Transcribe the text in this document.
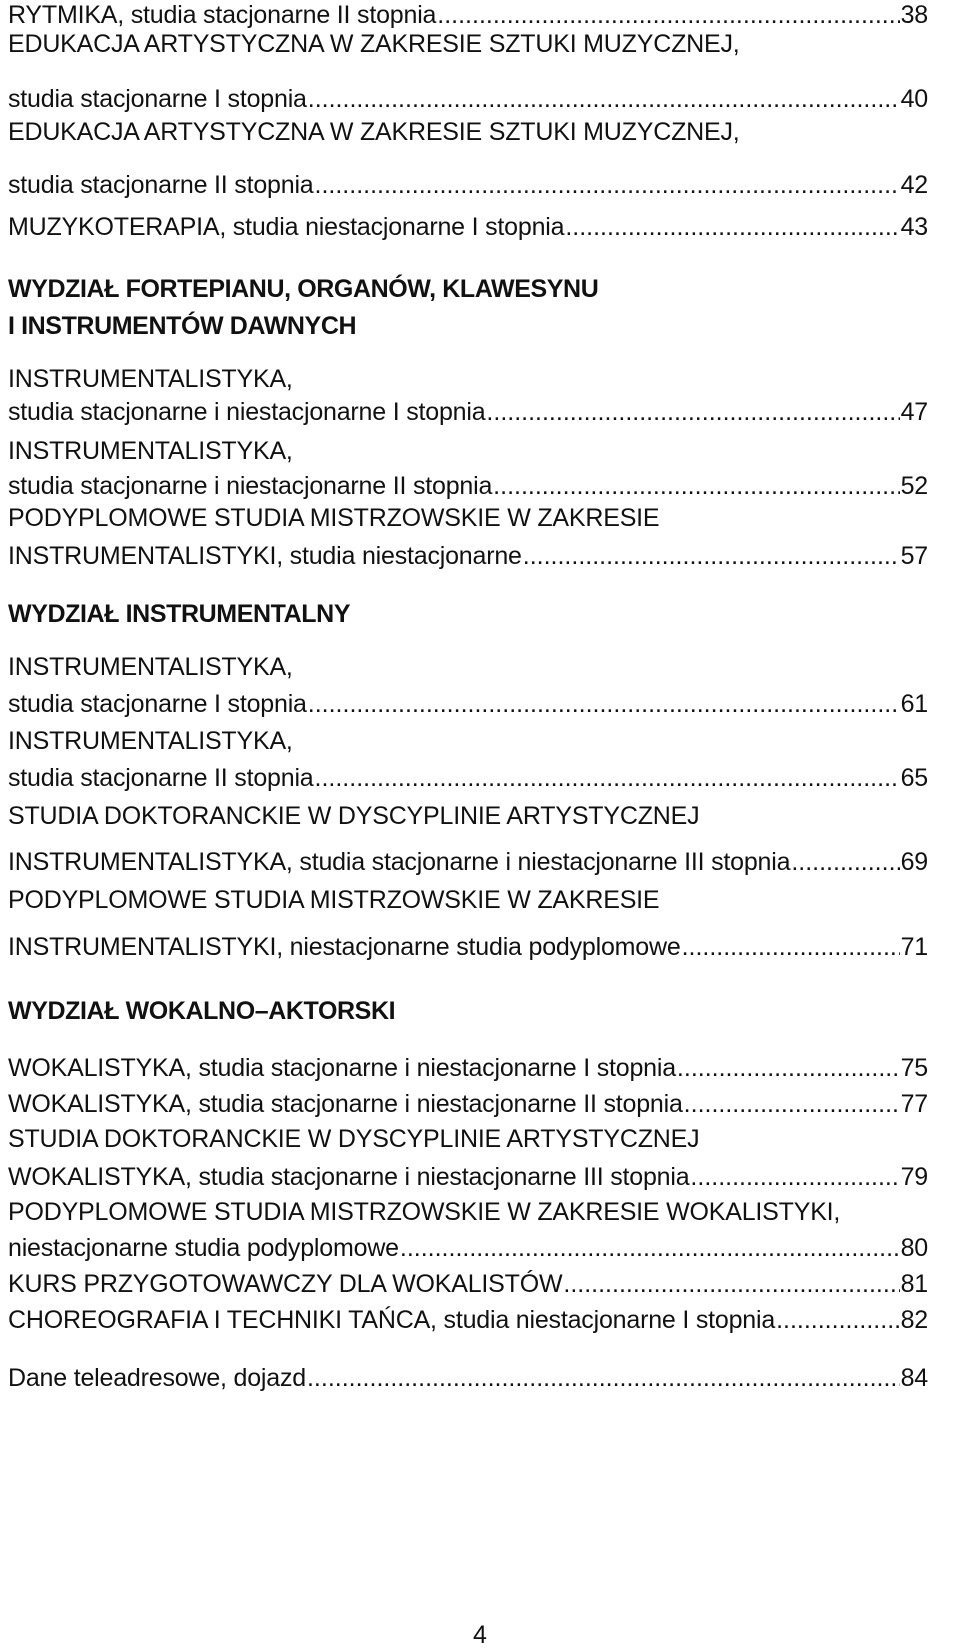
RYTMIKA, studia stacjonarne II stopnia .....	38
EDUKACJA ARTYSTYCZNA W ZAKRESIE SZTUKI MUZYCZNEJ,
studia stacjonarne I stopnia .....	40
EDUKACJA ARTYSTYCZNA W ZAKRESIE SZTUKI MUZYCZNEJ,
studia stacjonarne II stopnia .....	42
MUZYKOTERAPIA, studia niestacjonarne I stopnia .....	43
WYDZIAŁ FORTEPIANU, ORGANÓW, KLAWESYNU
I INSTRUMENTÓW DAWNYCH
INSTRUMENTALISTYKA,
studia stacjonarne i niestacjonarne I stopnia .....	47
INSTRUMENTALISTYKA,
studia stacjonarne i niestacjonarne II stopnia .....	52
PODYPLOMOWE STUDIA MISTRZOWSKIE W ZAKRESIE
INSTRUMENTALISTYKI, studia niestacjonarne .....	57
WYDZIAŁ INSTRUMENTALNY
INSTRUMENTALISTYKA,
studia stacjonarne I stopnia .....	61
INSTRUMENTALISTYKA,
studia stacjonarne II stopnia .....	65
STUDIA DOKTORANCKIE W DYSCYPLINIE ARTYSTYCZNEJ
INSTRUMENTALISTYKA, studia stacjonarne i niestacjonarne III stopnia .....	69
PODYPLOMOWE STUDIA MISTRZOWSKIE W ZAKRESIE
INSTRUMENTALISTYKI, niestacjonarne studia podyplomowe .....	71
WYDZIAŁ WOKALNO–AKTORSKI
WOKALISTYKA, studia stacjonarne i niestacjonarne I stopnia .....	75
WOKALISTYKA, studia stacjonarne i niestacjonarne II stopnia .....	77
STUDIA DOKTORANCKIE W DYSCYPLINIE ARTYSTYCZNEJ
WOKALISTYKA, studia stacjonarne i niestacjonarne III stopnia .....	79
PODYPLOMOWE STUDIA MISTRZOWSKIE W ZAKRESIE WOKALISTYKI,
niestacjonarne studia podyplomowe .....	80
KURS PRZYGOTOWAWCZY DLA WOKALISTÓW .....	81
CHOREOGRAFIA I TECHNIKI TAŃCA, studia niestacjonarne I stopnia .....	82
Dane teleadresowe, dojazd .....	84
4
